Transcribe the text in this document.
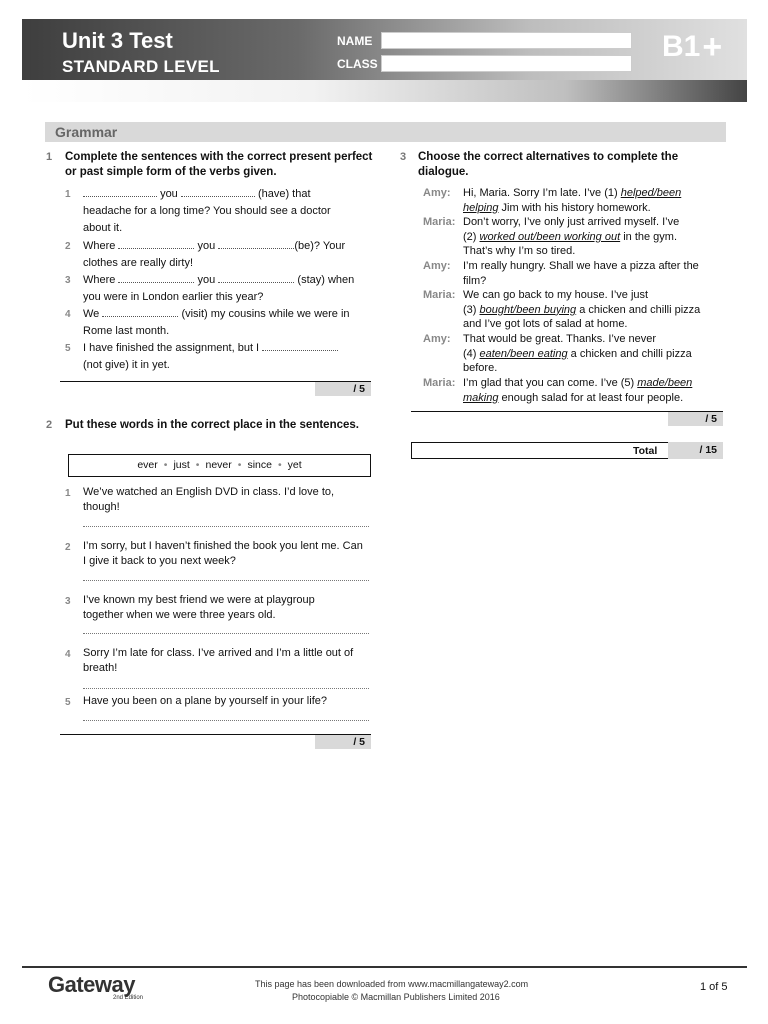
Unit 3 Test
STANDARD LEVEL
NAME
CLASS
B1 +
Grammar
1 Complete the sentences with the correct present perfect or past simple form of the verbs given.
1	you	(have) that
headache for a long time? You should see a doctor
about it.
2 Where	you	(be)? Your
clothes are really dirty!
3 Where	you	(stay) when
you were in London earlier this year?
4 We	(visit) my cousins while we were in
Rome last month.
5 I have finished the assignment, but I
(not give) it in yet.
/ 5
2 Put these words in the correct place in the sentences.
ever • just • never • since • yet
1 We’ve watched an English DVD in class. I’d love to, though!
2 I’m sorry, but I haven’t finished the book you lent me. Can I give it back to you next week?
3 I’ve known my best friend we were at playgroup together when we were three years old.
4 Sorry I’m late for class. I’ve arrived and I’m a little out of breath!
5 Have you been on a plane by yourself in your life?
/ 5
3 Choose the correct alternatives to complete the dialogue.
Amy: Hi, Maria. Sorry I’m late. I’ve (1) helped/been
helping Jim with his history homework.
Maria: Don’t worry, I’ve only just arrived myself. I’ve
(2) worked out/been working out in the gym.
That’s why I’m so tired.
Amy: I’m really hungry. Shall we have a pizza after the
film?
Maria: We can go back to my house. I’ve just
(3) bought/been buying a chicken and chilli pizza
and I’ve got lots of salad at home.
Amy: That would be great. Thanks. I’ve never
(4) eaten/been eating a chicken and chilli pizza
before.
Maria: I’m glad that you can come. I’ve (5) made/been
making enough salad for at least four people.
/ 5
Total	/ 15
Gateway
2nd Edition
This page has been downloaded from www.macmillangateway2.com
Photocopiable © Macmillan Publishers Limited 2016
1 of 5
